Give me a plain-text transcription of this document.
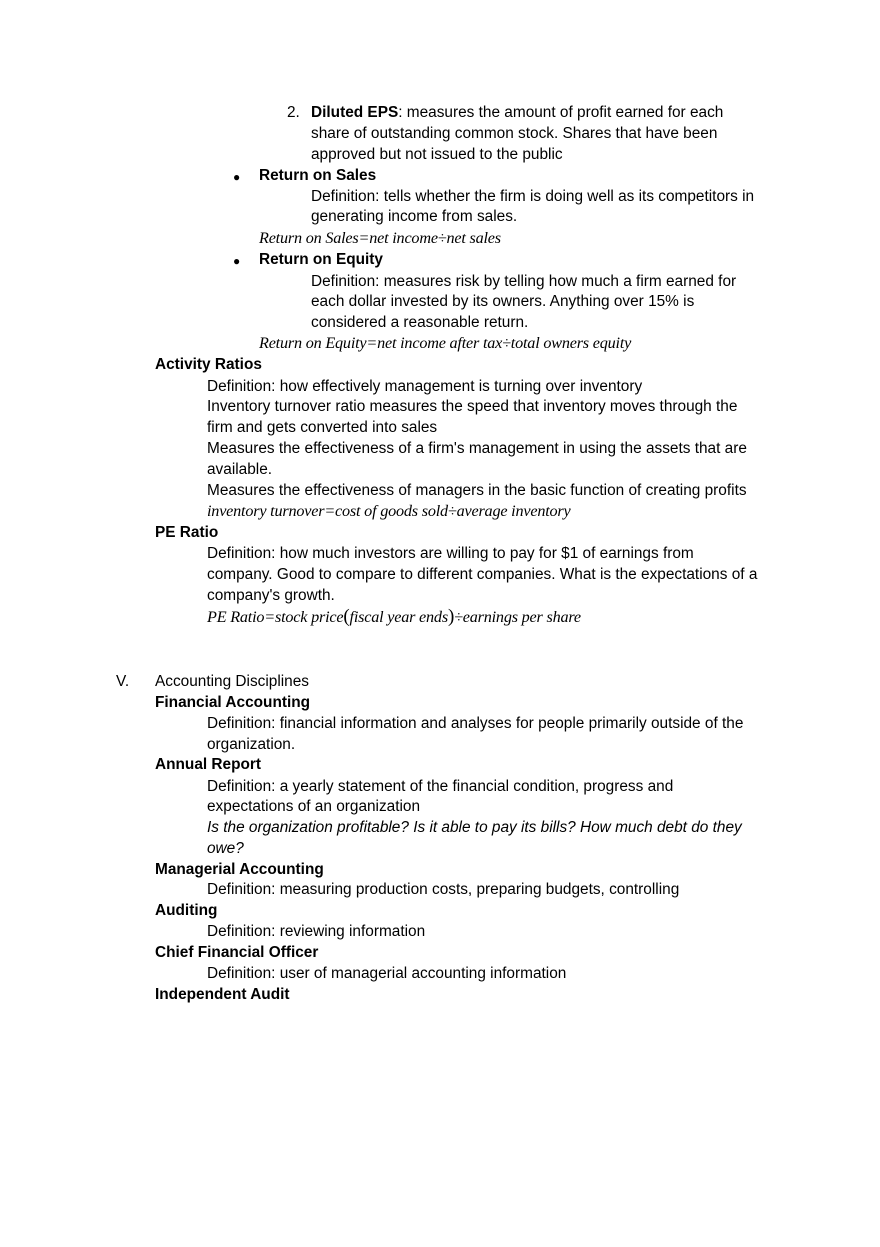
2. Diluted EPS: measures the amount of profit earned for each
share of outstanding common stock. Shares that have been
approved but not issued to the public
● Return on Sales
Definition: tells whether the firm is doing well as its competitors in
generating income from sales.
Return on Sales=net income÷net sales
● Return on Equity
Definition: measures risk by telling how much a firm earned for
each dollar invested by its owners. Anything over 15% is
considered a reasonable return.
Return on Equity=net income after tax÷total owners equity
Activity Ratios
Definition: how effectively management is turning over inventory
Inventory turnover ratio measures the speed that inventory moves through the
firm and gets converted into sales
Measures the effectiveness of a firm's management in using the assets that are
available.
Measures the effectiveness of managers in the basic function of creating profits
inventory turnover=cost of goods sold÷average inventory
PE Ratio
Definition: how much investors are willing to pay for $1 of earnings from
company. Good to compare to different companies. What is the expectations of a
company's growth.
PE Ratio=stock price(fiscal year ends)÷earnings per share
V. Accounting Disciplines
Financial Accounting
Definition: financial information and analyses for people primarily outside of the
organization.
Annual Report
Definition: a yearly statement of the financial condition, progress and
expectations of an organization
Is the organization profitable? Is it able to pay its bills? How much debt do they
owe?
Managerial Accounting
Definition: measuring production costs, preparing budgets, controlling
Auditing
Definition: reviewing information
Chief Financial Officer
Definition: user of managerial accounting information
Independent Audit
